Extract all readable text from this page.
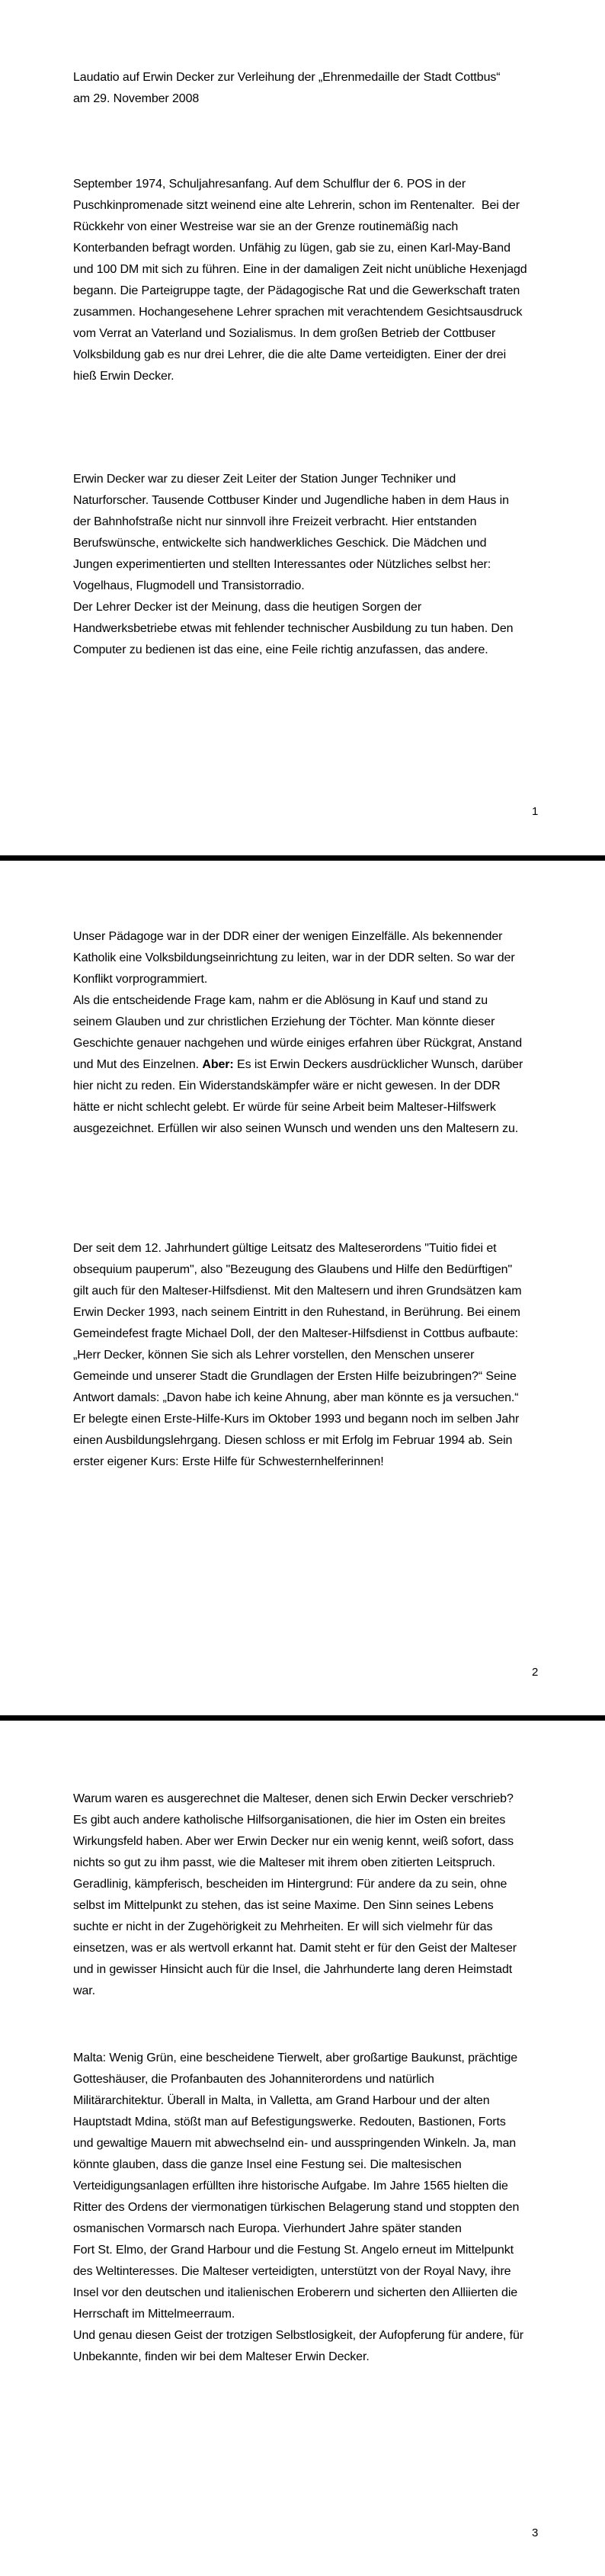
Laudatio auf Erwin Decker zur Verleihung der „Ehrenmedaille der Stadt Cottbus“
am 29. November 2008
September 1974, Schuljahresanfang. Auf dem Schulflur der 6. POS in der
Puschkinpromenade sitzt weinend eine alte Lehrerin, schon im Rentenalter.  Bei der
Rückkehr von einer Westreise war sie an der Grenze routinemäßig nach
Konterbanden befragt worden. Unfähig zu lügen, gab sie zu, einen Karl-May-Band
und 100 DM mit sich zu führen. Eine in der damaligen Zeit nicht unübliche Hexenjagd
begann. Die Parteigruppe tagte, der Pädagogische Rat und die Gewerkschaft traten
zusammen. Hochangesehene Lehrer sprachen mit verachtendem Gesichtsausdruck
vom Verrat an Vaterland und Sozialismus. In dem großen Betrieb der Cottbuser
Volksbildung gab es nur drei Lehrer, die die alte Dame verteidigten. Einer der drei
hieß Erwin Decker.
Erwin Decker war zu dieser Zeit Leiter der Station Junger Techniker und
Naturforscher. Tausende Cottbuser Kinder und Jugendliche haben in dem Haus in
der Bahnhofstraße nicht nur sinnvoll ihre Freizeit verbracht. Hier entstanden
Berufswünsche, entwickelte sich handwerkliches Geschick. Die Mädchen und
Jungen experimentierten und stellten Interessantes oder Nützliches selbst her:
Vogelhaus, Flugmodell und Transistorradio.
Der Lehrer Decker ist der Meinung, dass die heutigen Sorgen der
Handwerksbetriebe etwas mit fehlender technischer Ausbildung zu tun haben. Den
Computer zu bedienen ist das eine, eine Feile richtig anzufassen, das andere.
1
Unser Pädagoge war in der DDR einer der wenigen Einzelfälle. Als bekennender
Katholik eine Volksbildungseinrichtung zu leiten, war in der DDR selten. So war der
Konflikt vorprogrammiert.
Als die entscheidende Frage kam, nahm er die Ablösung in Kauf und stand zu
seinem Glauben und zur christlichen Erziehung der Töchter. Man könnte dieser
Geschichte genauer nachgehen und würde einiges erfahren über Rückgrat, Anstand
und Mut des Einzelnen. Aber: Es ist Erwin Deckers ausdrücklicher Wunsch, darüber
hier nicht zu reden. Ein Widerstandskämpfer wäre er nicht gewesen. In der DDR
hätte er nicht schlecht gelebt. Er würde für seine Arbeit beim Malteser-Hilfswerk
ausgezeichnet. Erfüllen wir also seinen Wunsch und wenden uns den Maltesern zu.
Der seit dem 12. Jahrhundert gültige Leitsatz des Malteserordens "Tuitio fidei et
obsequium pauperum", also "Bezeugung des Glaubens und Hilfe den Bedürftigen"
gilt auch für den Malteser-Hilfsdienst. Mit den Maltesern und ihren Grundsätzen kam
Erwin Decker 1993, nach seinem Eintritt in den Ruhestand, in Berührung. Bei einem
Gemeindefest fragte Michael Doll, der den Malteser-Hilfsdienst in Cottbus aufbaute:
„Herr Decker, können Sie sich als Lehrer vorstellen, den Menschen unserer
Gemeinde und unserer Stadt die Grundlagen der Ersten Hilfe beizubringen?“ Seine
Antwort damals: „Davon habe ich keine Ahnung, aber man könnte es ja versuchen.“
Er belegte einen Erste-Hilfe-Kurs im Oktober 1993 und begann noch im selben Jahr
einen Ausbildungslehrgang. Diesen schloss er mit Erfolg im Februar 1994 ab. Sein
erster eigener Kurs: Erste Hilfe für Schwesternhelferinnen!
2
Warum waren es ausgerechnet die Malteser, denen sich Erwin Decker verschrieb?
Es gibt auch andere katholische Hilfsorganisationen, die hier im Osten ein breites
Wirkungsfeld haben. Aber wer Erwin Decker nur ein wenig kennt, weiß sofort, dass
nichts so gut zu ihm passt, wie die Malteser mit ihrem oben zitierten Leitspruch.
Geradlinig, kämpferisch, bescheiden im Hintergrund: Für andere da zu sein, ohne
selbst im Mittelpunkt zu stehen, das ist seine Maxime. Den Sinn seines Lebens
suchte er nicht in der Zugehörigkeit zu Mehrheiten. Er will sich vielmehr für das
einsetzen, was er als wertvoll erkannt hat. Damit steht er für den Geist der Malteser
und in gewisser Hinsicht auch für die Insel, die Jahrhunderte lang deren Heimstadt
war.
Malta: Wenig Grün, eine bescheidene Tierwelt, aber großartige Baukunst, prächtige
Gotteshäuser, die Profanbauten des Johanniterordens und natürlich
Militärarchitektur. Überall in Malta, in Valletta, am Grand Harbour und der alten
Hauptstadt Mdina, stößt man auf Befestigungswerke. Redouten, Bastionen, Forts
und gewaltige Mauern mit abwechselnd ein- und ausspringenden Winkeln. Ja, man
könnte glauben, dass die ganze Insel eine Festung sei. Die maltesischen
Verteidigungsanlagen erfüllten ihre historische Aufgabe. Im Jahre 1565 hielten die
Ritter des Ordens der viermonatigen türkischen Belagerung stand und stoppten den
osmanischen Vormarsch nach Europa. Vierhundert Jahre später standen
Fort St. Elmo, der Grand Harbour und die Festung St. Angelo erneut im Mittelpunkt
des Weltinteresses. Die Malteser verteidigten, unterstützt von der Royal Navy, ihre
Insel vor den deutschen und italienischen Eroberern und sicherten den Alliierten die
Herrschaft im Mittelmeerraum.
Und genau diesen Geist der trotzigen Selbstlosigkeit, der Aufopferung für andere, für
Unbekannte, finden wir bei dem Malteser Erwin Decker.
3
